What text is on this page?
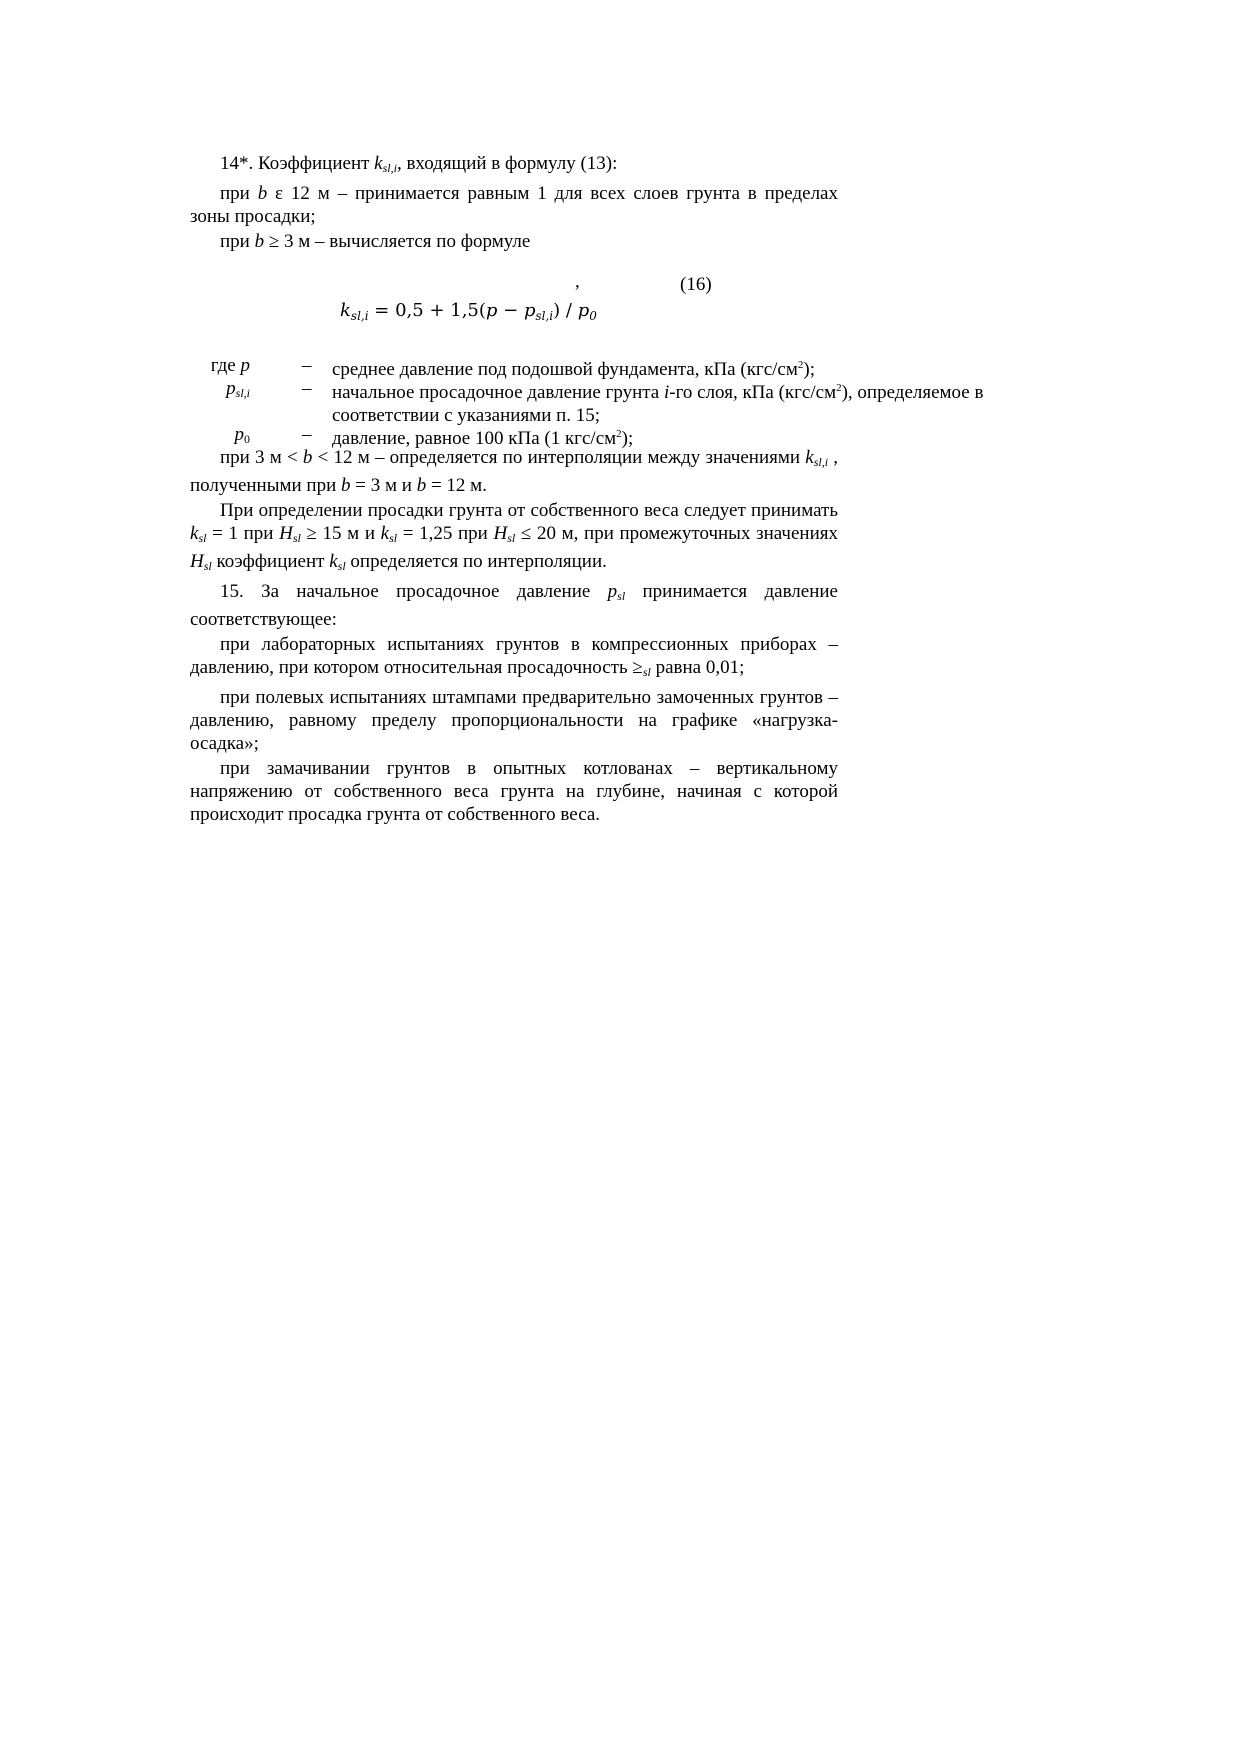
14*. Коэффициент $k_{sl,i}$, входящий в формулу (13):

при b ε 12 м – принимается равным 1 для всех слоев грунта в пределах зоны просадки;

при b ≥ 3 м – вычисляется по формуле

,	(16)
$k_{sl,i} = 0,5 + 1,5(p - p_{sl,i}) / p_0$
где p	– среднее давление под подошвой фундамента, кПа $(кгс/см^2)$;
$p_{sl,i}$	– начальное просадочное давление грунта i-го слоя, кПа $(кгс/см^2)$, определяемое в соответствии с указаниями п. 15;
$p_0$	– давление, равное 100 кПа (1 кгс/$см^2$);

при 3 м < b < 12 м – определяется по интерполяции между значениями $k_{sl,i}$ , полученными при b = 3 м и b = 12 м.

При определении просадки грунта от собственного веса следует принимать $k_{sl} = 1$ при $H_{sl} \ge 15$ м и $k_{sl} = 1,25$ при $H_{sl} \le 20$ м, при промежуточных значениях $H_{sl}$ коэффициент $k_{sl}$ определяется по интерполяции.

15. За начальное просадочное давление $p_{sl}$ принимается давление соответствующее:

при лабораторных испытаниях грунтов в компрессионных приборах – давлению, при котором относительная просадочность $\ge_{sl}$ равна 0,01;

при полевых испытаниях штампами предварительно замоченных грунтов – давлению, равному пределу пропорциональности на графике «нагрузка-осадка»;

при замачивании грунтов в опытных котлованах – вертикальному напряжению от собственного веса грунта на глубине, начиная с которой происходит просадка грунта от собственного веса.
